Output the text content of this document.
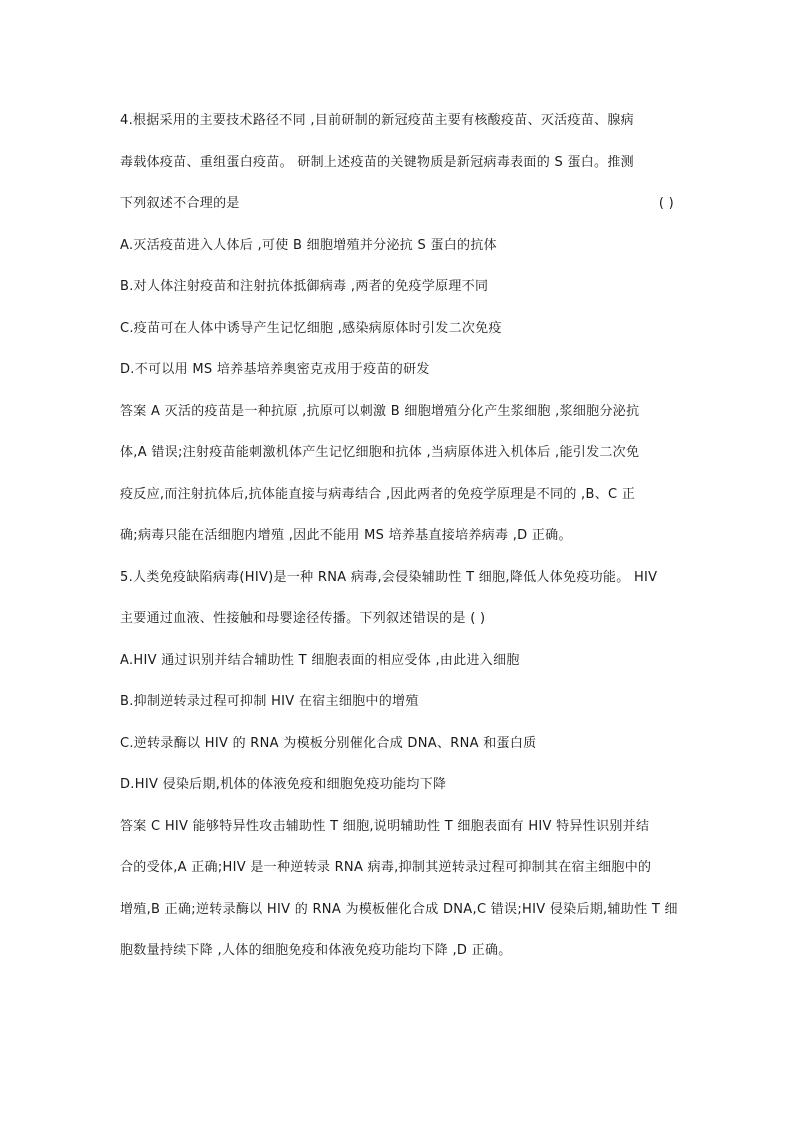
4.根据采用的主要技术路径不同 ,目前研制的新冠疫苗主要有核酸疫苗、灭活疫苗、腺病
毒载体疫苗、重组蛋白疫苗。 研制上述疫苗的关键物质是新冠病毒表面的 S 蛋白。推测
下列叙述不合理的是	( )
A.灭活疫苗进入人体后 ,可使 B 细胞增殖并分泌抗 S 蛋白的抗体
B.对人体注射疫苗和注射抗体抵御病毒 ,两者的免疫学原理不同
C.疫苗可在人体中诱导产生记忆细胞 ,感染病原体时引发二次免疫
D.不可以用 MS 培养基培养奥密克戎用于疫苗的研发
答案 A 灭活的疫苗是一种抗原 ,抗原可以刺激 B 细胞增殖分化产生浆细胞 ,浆细胞分泌抗
体,A 错误;注射疫苗能刺激机体产生记忆细胞和抗体 ,当病原体进入机体后 ,能引发二次免
疫反应,而注射抗体后,抗体能直接与病毒结合 ,因此两者的免疫学原理是不同的 ,B、C 正
确;病毒只能在活细胞内增殖 ,因此不能用 MS 培养基直接培养病毒 ,D 正确。
5.人类免疫缺陷病毒(HIV)是一种 RNA 病毒,会侵染辅助性 T 细胞,降低人体免疫功能。 HIV
主要通过血液、性接触和母婴途径传播。下列叙述错误的是 ( )
A.HIV 通过识别并结合辅助性 T 细胞表面的相应受体 ,由此进入细胞
B.抑制逆转录过程可抑制 HIV 在宿主细胞中的增殖
C.逆转录酶以 HIV 的 RNA 为模板分别催化合成 DNA、RNA 和蛋白质
D.HIV 侵染后期,机体的体液免疫和细胞免疫功能均下降
答案 C HIV 能够特异性攻击辅助性 T 细胞,说明辅助性 T 细胞表面有 HIV 特异性识别并结
合的受体,A 正确;HIV 是一种逆转录 RNA 病毒,抑制其逆转录过程可抑制其在宿主细胞中的
增殖,B 正确;逆转录酶以 HIV 的 RNA 为模板催化合成 DNA,C 错误;HIV 侵染后期,辅助性 T 细
胞数量持续下降 ,人体的细胞免疫和体液免疫功能均下降 ,D 正确。
